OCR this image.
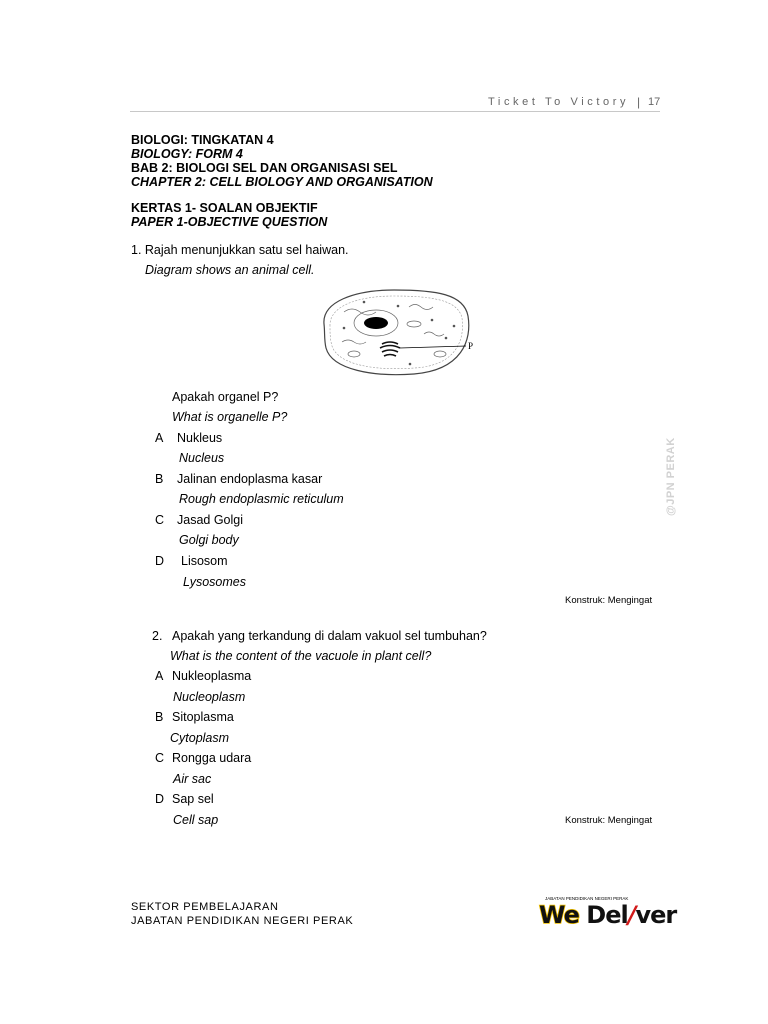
Ticket To Victory | 17
BIOLOGI: TINGKATAN 4
BIOLOGY: FORM 4
BAB 2: BIOLOGI SEL DAN ORGANISASI SEL
CHAPTER 2: CELL BIOLOGY AND ORGANISATION
KERTAS 1- SOALAN OBJEKTIF
PAPER 1-OBJECTIVE QUESTION
1. Rajah menunjukkan satu sel haiwan.
Diagram shows an animal cell.
P
Apakah organel P?
What is organelle P?
A Nukleus
Nucleus
B Jalinan endoplasma kasar
Rough endoplasmic reticulum
C Jasad Golgi
Golgi body
D Lisosom
Lysosomes
Konstruk: Mengingat
@JPN PERAK
2. Apakah yang terkandung di dalam vakuol sel tumbuhan?
What is the content of the vacuole in plant cell?
A Nukleoplasma
Nucleoplasm
B Sitoplasma
Cytoplasm
C Rongga udara
Air sac
D Sap sel
Cell sap	Konstruk: Mengingat
SEKTOR PEMBELAJARAN
JABATAN PENDIDIKAN NEGERI PERAK
JABATAN PENDIDIKAN NEGERI PERAK
We Del/ver
